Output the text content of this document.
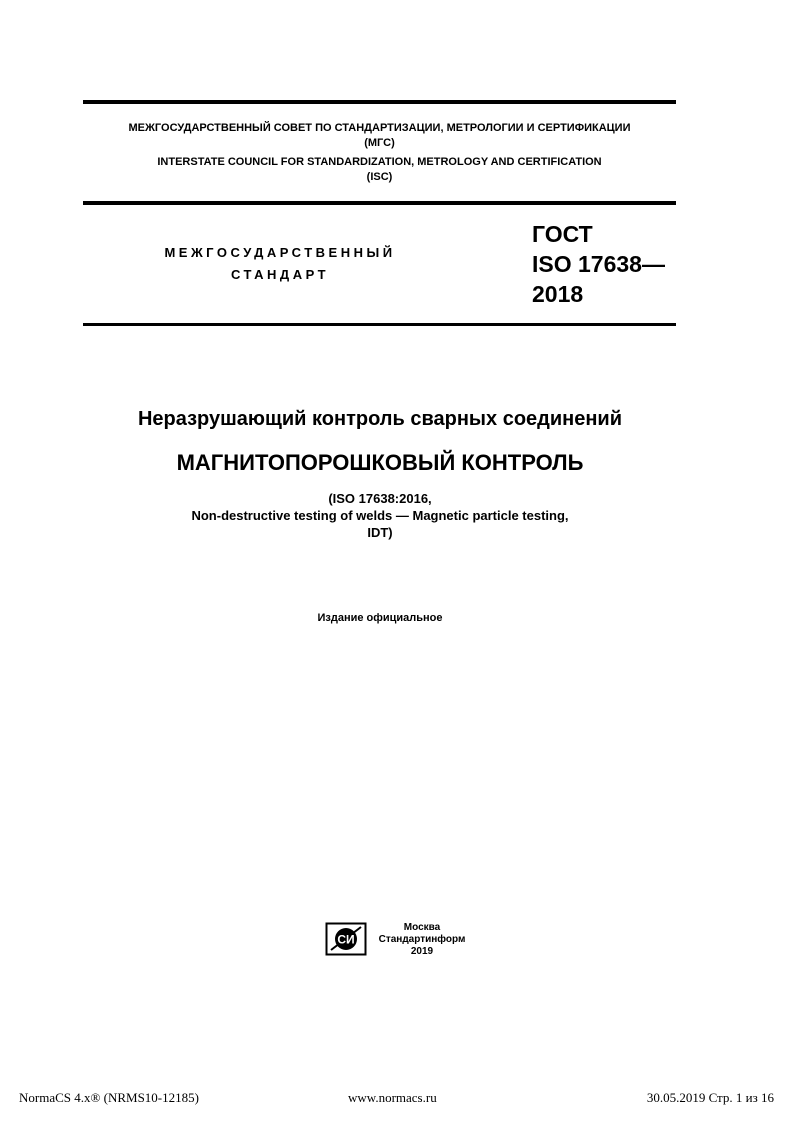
МЕЖГОСУДАРСТВЕННЫЙ СОВЕТ ПО СТАНДАРТИЗАЦИИ, МЕТРОЛОГИИ И СЕРТИФИКАЦИИ
(МГС)
INTERSTATE COUNCIL FOR STANDARDIZATION, METROLOGY AND CERTIFICATION
(ISC)
МЕЖГОСУДАРСТВЕННЫЙ
СТАНДАРТ
ГОСТ
ISO 17638—
2018
Неразрушающий контроль сварных соединений
МАГНИТОПОРОШКОВЫЙ КОНТРОЛЬ
(ISO 17638:2016,
Non-destructive testing of welds — Magnetic particle testing,
IDT)
Издание официальное
СИ
Москва
Стандартинформ
2019
NormaCS 4.x® (NRMS10-12185)	www.normacs.ru	30.05.2019 Стр. 1 из 16
